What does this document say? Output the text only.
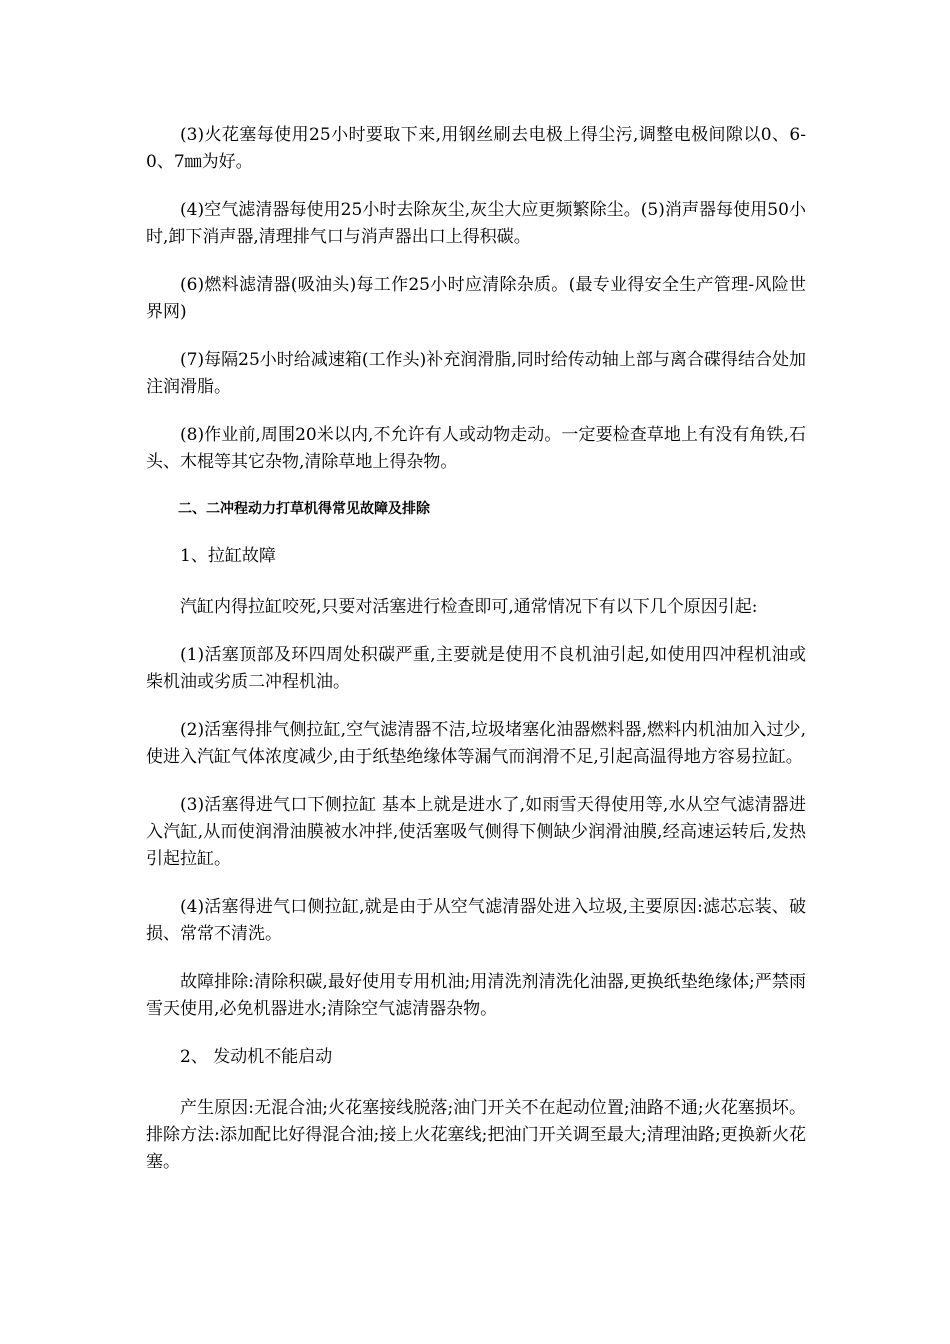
(3)火花塞每使用25小时要取下来,用钢丝刷去电极上得尘污,调整电极间隙以0、6-0、7㎜为好。

(4)空气滤清器每使用25小时去除灰尘,灰尘大应更频繁除尘。(5)消声器每使用50小时,卸下消声器,清理排气口与消声器出口上得积碳。

(6)燃料滤清器(吸油头)每工作25小时应清除杂质。(最专业得安全生产管理-风险世界网)

(7)每隔25小时给减速箱(工作头)补充润滑脂,同时给传动轴上部与离合碟得结合处加注润滑脂。

(8)作业前,周围20米以内,不允许有人或动物走动。一定要检查草地上有没有角铁,石头、木棍等其它杂物,清除草地上得杂物。

二、二冲程动力打草机得常见故障及排除

1、拉缸故障

汽缸内得拉缸咬死,只要对活塞进行检查即可,通常情况下有以下几个原因引起:

(1)活塞顶部及环四周处积碳严重,主要就是使用不良机油引起,如使用四冲程机油或柴机油或劣质二冲程机油。

(2)活塞得排气侧拉缸,空气滤清器不洁,垃圾堵塞化油器燃料器,燃料内机油加入过少,使进入汽缸气体浓度减少,由于纸垫绝缘体等漏气而润滑不足,引起高温得地方容易拉缸。

(3)活塞得进气口下侧拉缸 基本上就是进水了,如雨雪天得使用等,水从空气滤清器进入汽缸,从而使润滑油膜被水冲拌,使活塞吸气侧得下侧缺少润滑油膜,经高速运转后,发热引起拉缸。

(4)活塞得进气口侧拉缸,就是由于从空气滤清器处进入垃圾,主要原因:滤芯忘装、破损、常常不清洗。

故障排除:清除积碳,最好使用专用机油;用清洗剂清洗化油器,更换纸垫绝缘体;严禁雨雪天使用,必免机器进水;清除空气滤清器杂物。

2、 发动机不能启动

产生原因:无混合油;火花塞接线脱落;油门开关不在起动位置;油路不通;火花塞损坏。排除方法:添加配比好得混合油;接上火花塞线;把油门开关调至最大;清理油路;更换新火花塞。
